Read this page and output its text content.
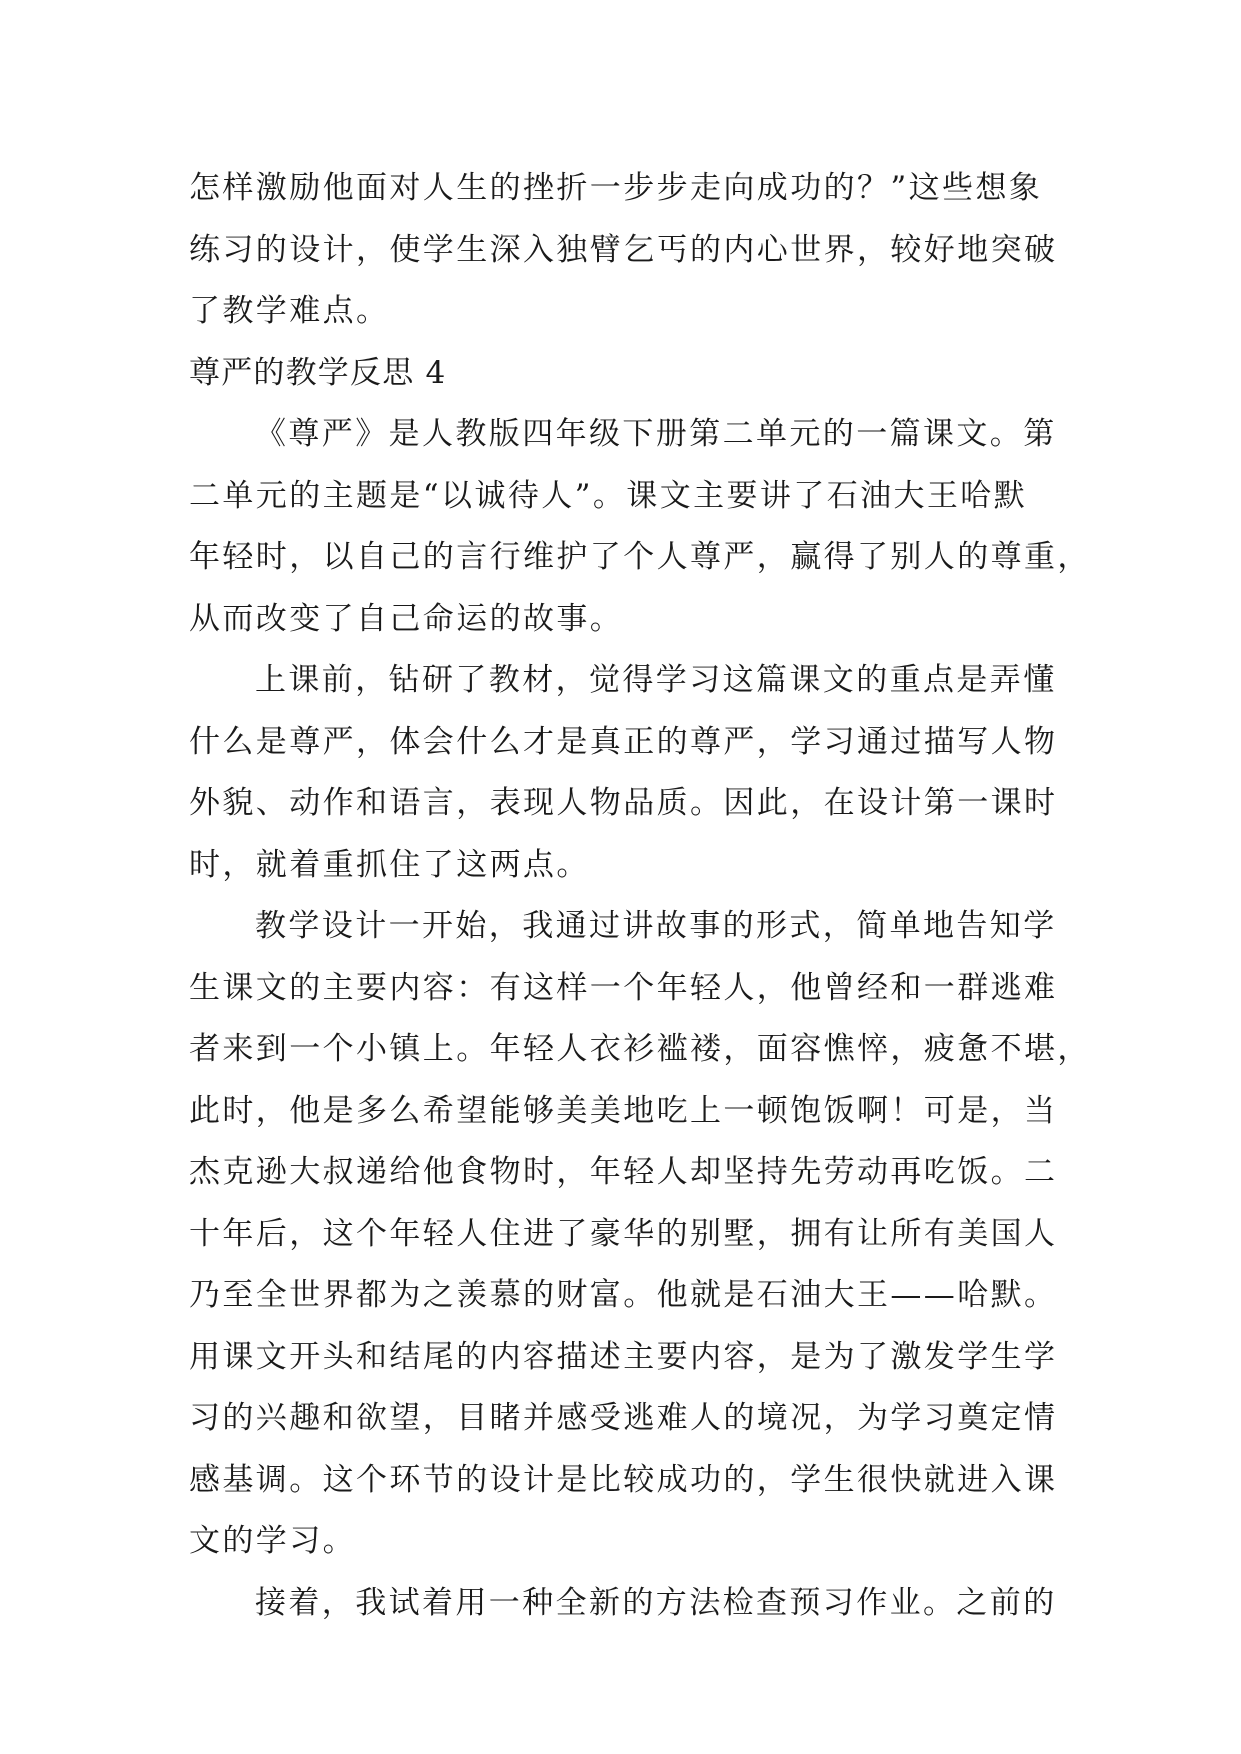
怎样激励他面对人生的挫折一步步走向成功的？”这些想象
练习的设计，使学生深入独臂乞丐的内心世界，较好地突破
了教学难点。
尊严的教学反思 4
《尊严》是人教版四年级下册第二单元的一篇课文。第
二单元的主题是“以诚待人”。课文主要讲了石油大王哈默
年轻时，以自己的言行维护了个人尊严，赢得了别人的尊重，
从而改变了自己命运的故事。
上课前，钻研了教材，觉得学习这篇课文的重点是弄懂
什么是尊严，体会什么才是真正的尊严，学习通过描写人物
外貌、动作和语言，表现人物品质。因此，在设计第一课时
时，就着重抓住了这两点。
教学设计一开始，我通过讲故事的形式，简单地告知学
生课文的主要内容：有这样一个年轻人，他曾经和一群逃难
者来到一个小镇上。年轻人衣衫褴褛，面容憔悴，疲惫不堪，
此时，他是多么希望能够美美地吃上一顿饱饭啊！可是，当
杰克逊大叔递给他食物时，年轻人却坚持先劳动再吃饭。二
十年后，这个年轻人住进了豪华的别墅，拥有让所有美国人
乃至全世界都为之羡慕的财富。他就是石油大王——哈默。
用课文开头和结尾的内容描述主要内容，是为了激发学生学
习的兴趣和欲望，目睹并感受逃难人的境况，为学习奠定情
感基调。这个环节的设计是比较成功的，学生很快就进入课
文的学习。
接着，我试着用一种全新的方法检查预习作业。之前的
